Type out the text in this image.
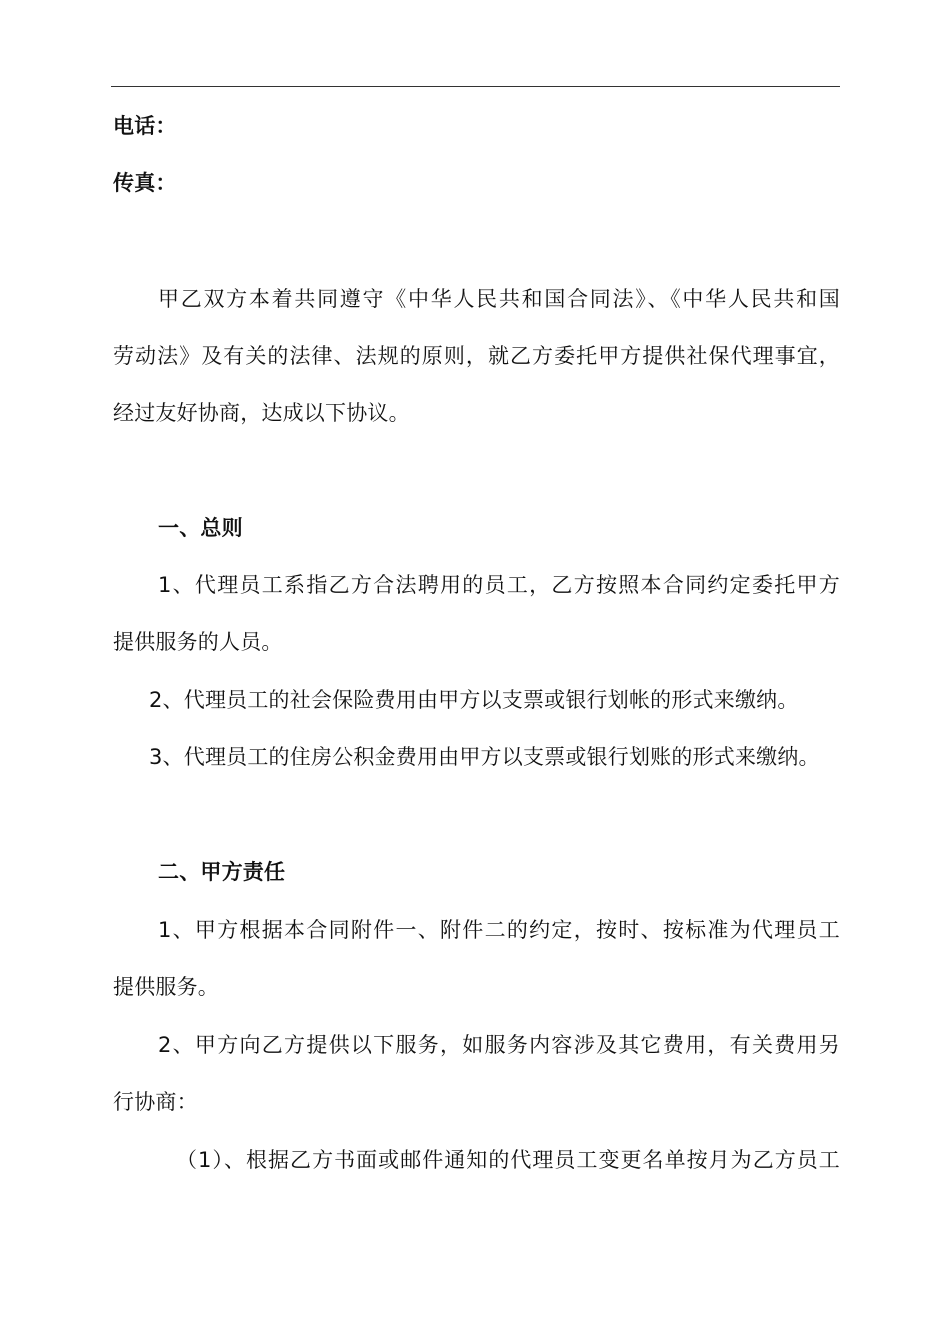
电话：
传真：
甲乙双方本着共同遵守《中华人民共和国合同法》、《中华人民共和国
劳动法》及有关的法律、法规的原则，就乙方委托甲方提供社保代理事宜，
经过友好协商，达成以下协议。
一、总则
1、代理员工系指乙方合法聘用的员工，乙方按照本合同约定委托甲方
提供服务的人员。
2、代理员工的社会保险费用由甲方以支票或银行划帐的形式来缴纳。
3、代理员工的住房公积金费用由甲方以支票或银行划账的形式来缴纳。
二、甲方责任
1、甲方根据本合同附件一、附件二的约定，按时、按标准为代理员工
提供服务。
2、甲方向乙方提供以下服务，如服务内容涉及其它费用，有关费用另
行协商：
（1）、根据乙方书面或邮件通知的代理员工变更名单按月为乙方员工
